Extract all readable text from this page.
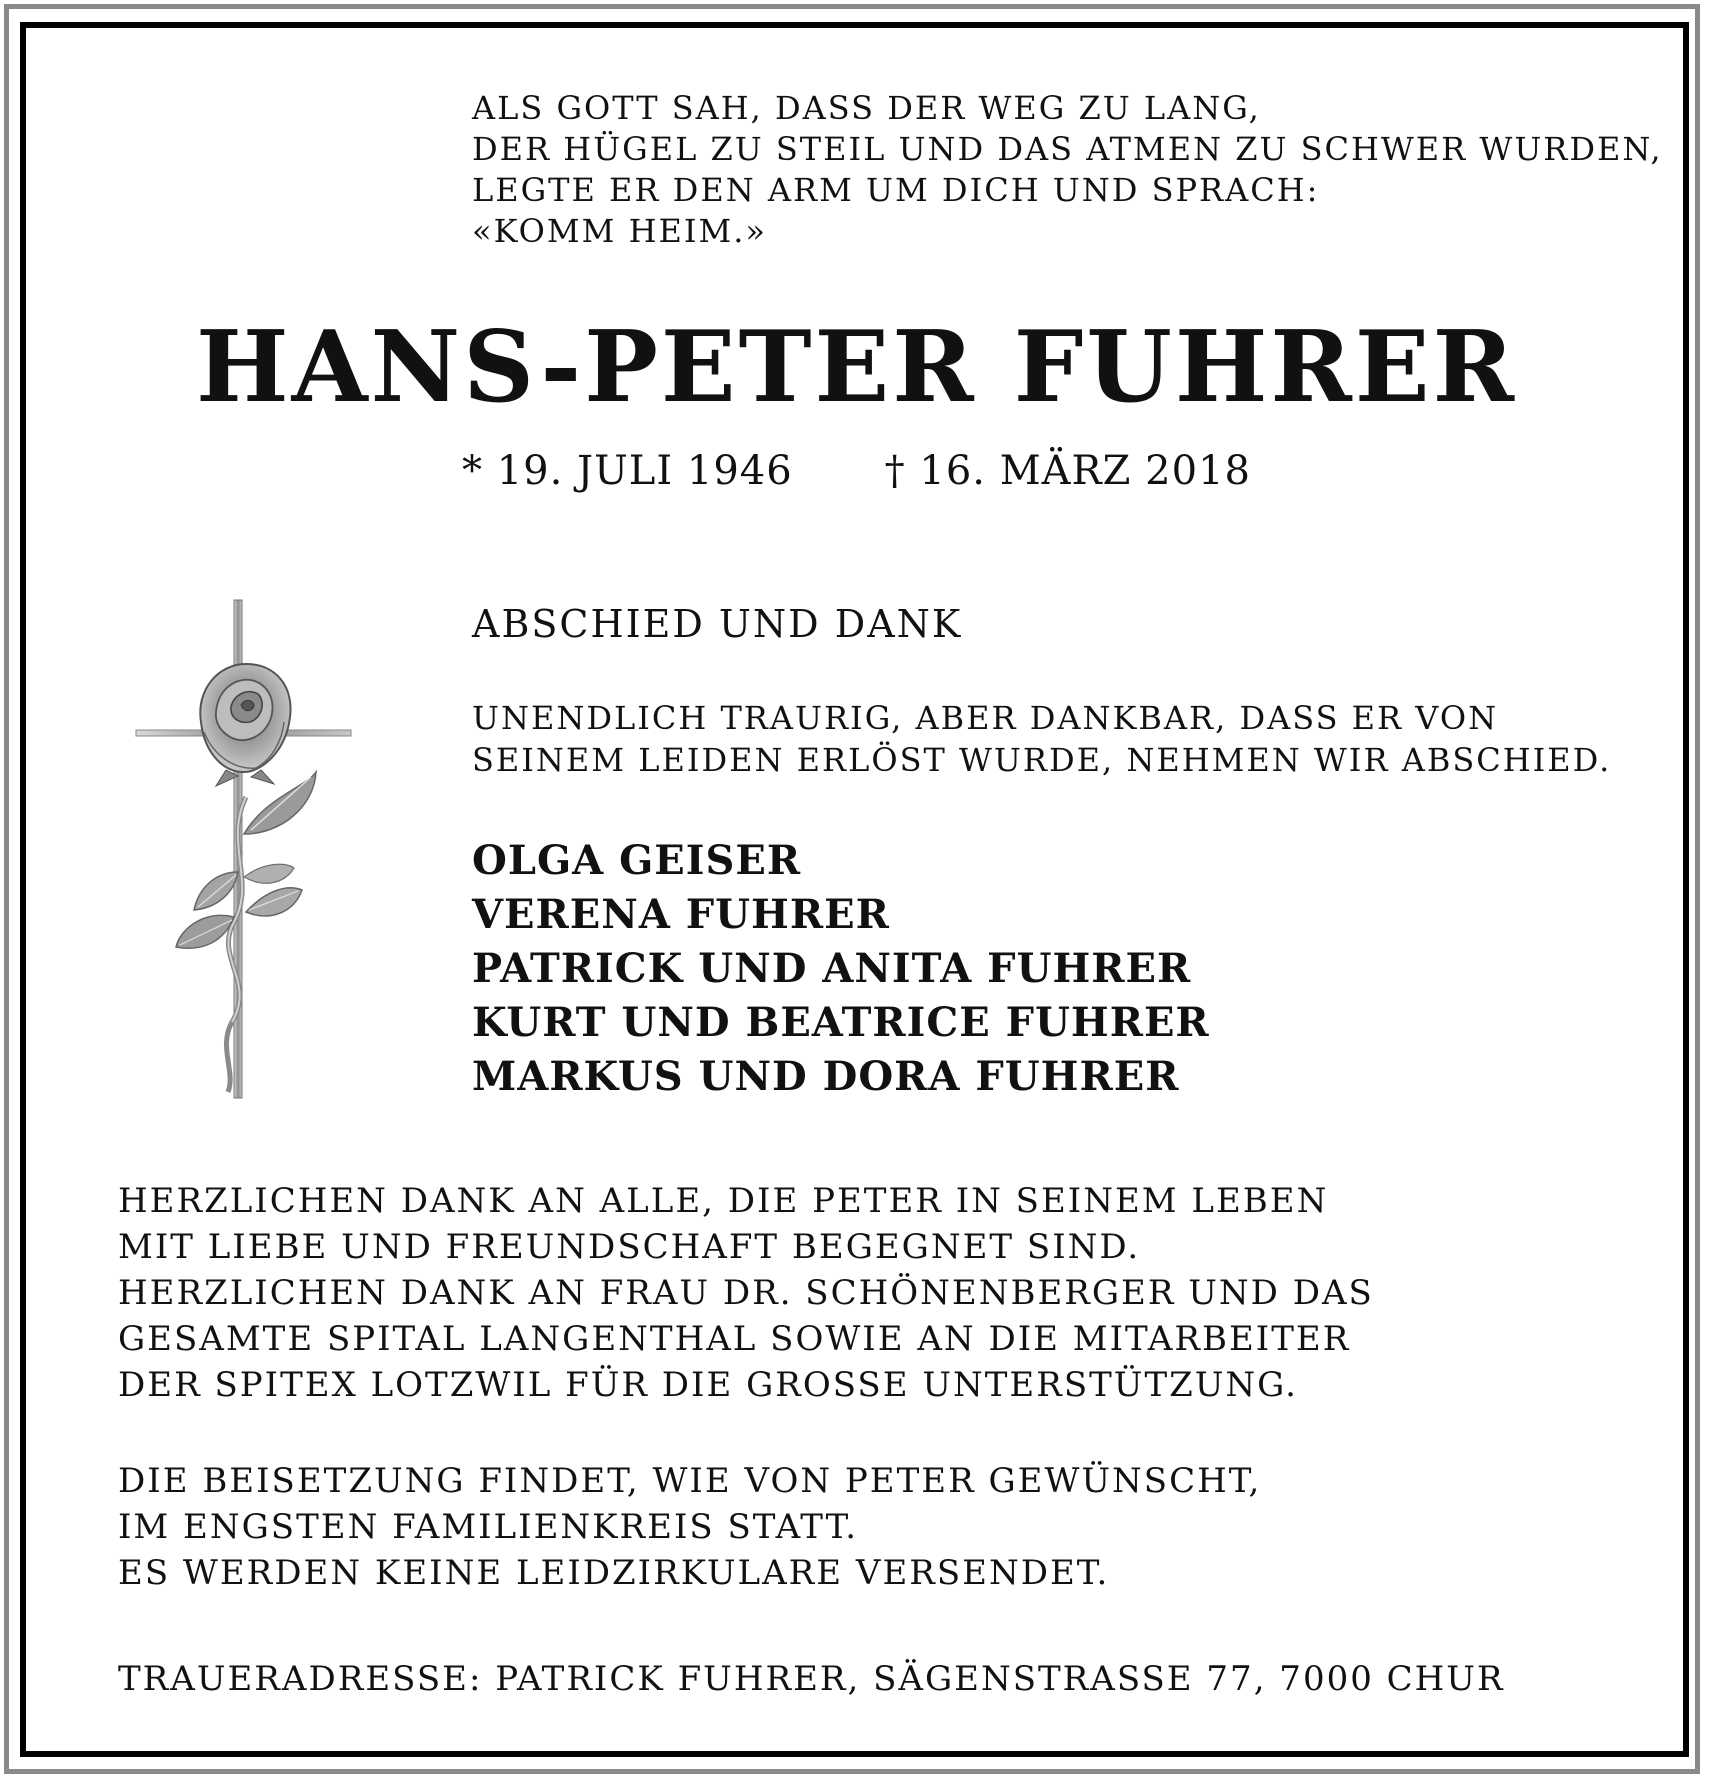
ALS GOTT SAH, DASS DER WEG ZU LANG,
DER HÜGEL ZU STEIL UND DAS ATMEN ZU SCHWER WURDEN,
LEGTE ER DEN ARM UM DICH UND SPRACH:
«KOMM HEIM.»
HANS-PETER FUHRER
* 19. JULI 1946 † 16. MÄRZ 2018
ABSCHIED UND DANK
UNENDLICH TRAURIG, ABER DANKBAR, DASS ER VON
SEINEM LEIDEN ERLÖST WURDE, NEHMEN WIR ABSCHIED.
OLGA GEISER
VERENA FUHRER
PATRICK UND ANITA FUHRER
KURT UND BEATRICE FUHRER
MARKUS UND DORA FUHRER
HERZLICHEN DANK AN ALLE, DIE PETER IN SEINEM LEBEN
MIT LIEBE UND FREUNDSCHAFT BEGEGNET SIND.
HERZLICHEN DANK AN FRAU DR. SCHÖNENBERGER UND DAS
GESAMTE SPITAL LANGENTHAL SOWIE AN DIE MITARBEITER
DER SPITEX LOTZWIL FÜR DIE GROSSE UNTERSTÜTZUNG.
DIE BEISETZUNG FINDET, WIE VON PETER GEWÜNSCHT,
IM ENGSTEN FAMILIENKREIS STATT.
ES WERDEN KEINE LEIDZIRKULARE VERSENDET.
TRAUERADRESSE: PATRICK FUHRER, SÄGENSTRASSE 77, 7000 CHUR
